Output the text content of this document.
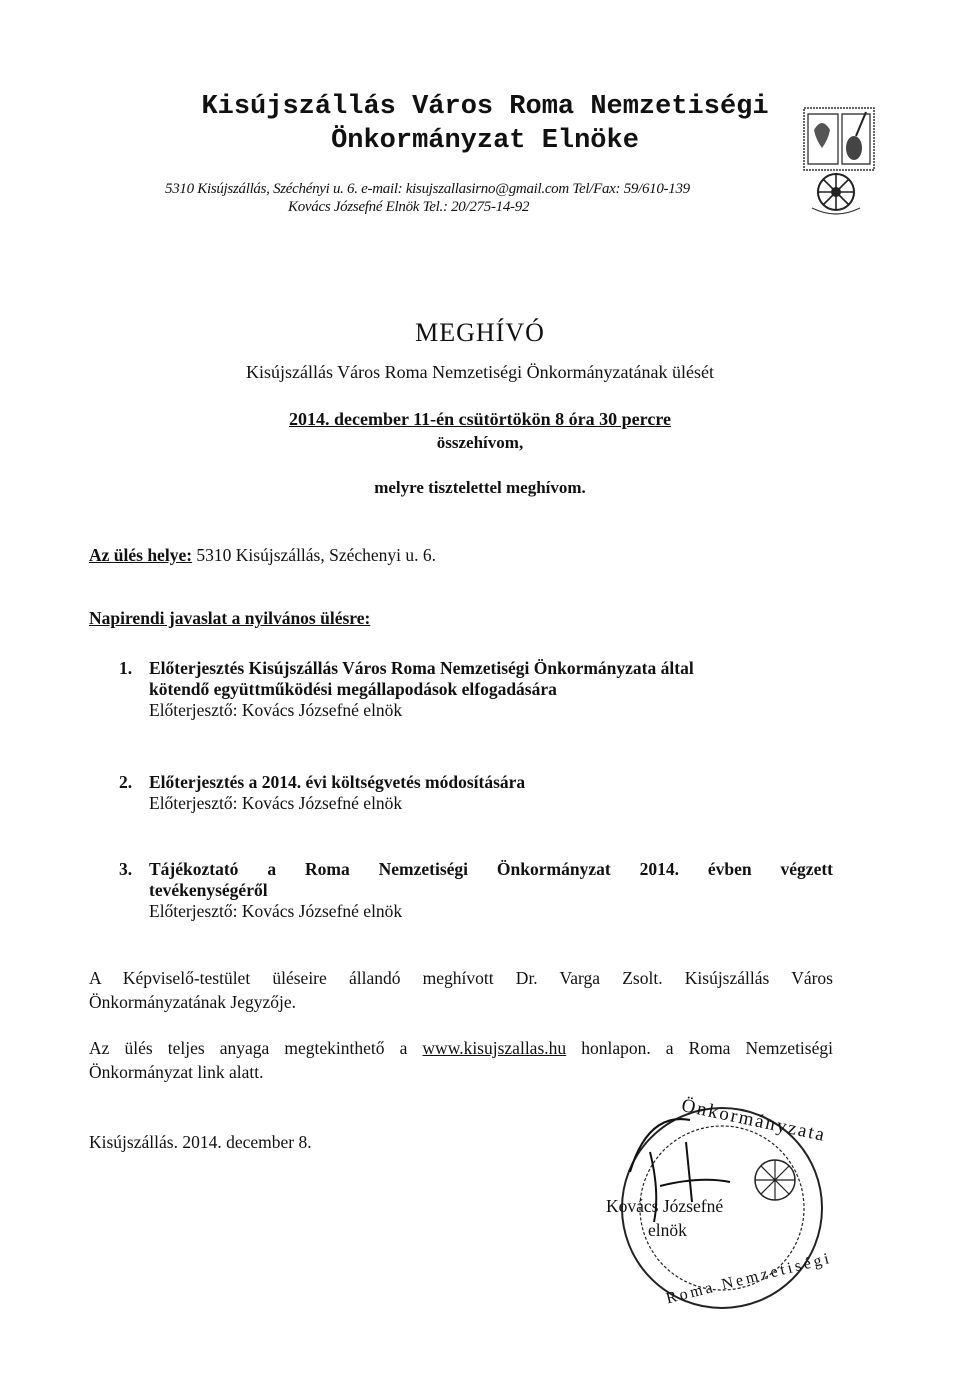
Kisújszállás Város Roma Nemzetiségi
Önkormányzat Elnöke
5310 Kisújszállás, Széchényi u. 6. e-mail: kisujszallasirno@gmail.com Tel/Fax: 59/610-139
Kovács Józsefné Elnök Tel.: 20/275-14-92
MEGHÍVÓ
Kisújszállás Város Roma Nemzetiségi Önkormányzatának ülését
2014. december 11-én csütörtökön 8 óra 30 percre
összehívom,
melyre tisztelettel meghívom.
Az ülés helye: 5310 Kisújszállás, Széchenyi u. 6.
Napirendi javaslat a nyilvános ülésre:
1. Előterjesztés Kisújszállás Város Roma Nemzetiségi Önkormányzata által
kötendő együttműködési megállapodások elfogadására
Előterjesztő: Kovács Józsefné elnök
2. Előterjesztés a 2014. évi költségvetés módosítására
Előterjesztő: Kovács Józsefné elnök
3. Tájékoztató a Roma Nemzetiségi Önkormányzat 2014. évben végzett
tevékenységéről
Előterjesztő: Kovács Józsefné elnök
A Képviselő-testület üléseire állandó meghívott Dr. Varga Zsolt. Kisújszállás Város
Önkormányzatának Jegyzője.
Az ülés teljes anyaga megtekinthető a www.kisujszallas.hu honlapon. a Roma Nemzetiségi
Önkormányzat link alatt.
Kisújszállás. 2014. december 8.	Önkormányzata
Roma Nemzetiségi
Kovács Józsefné
elnök
